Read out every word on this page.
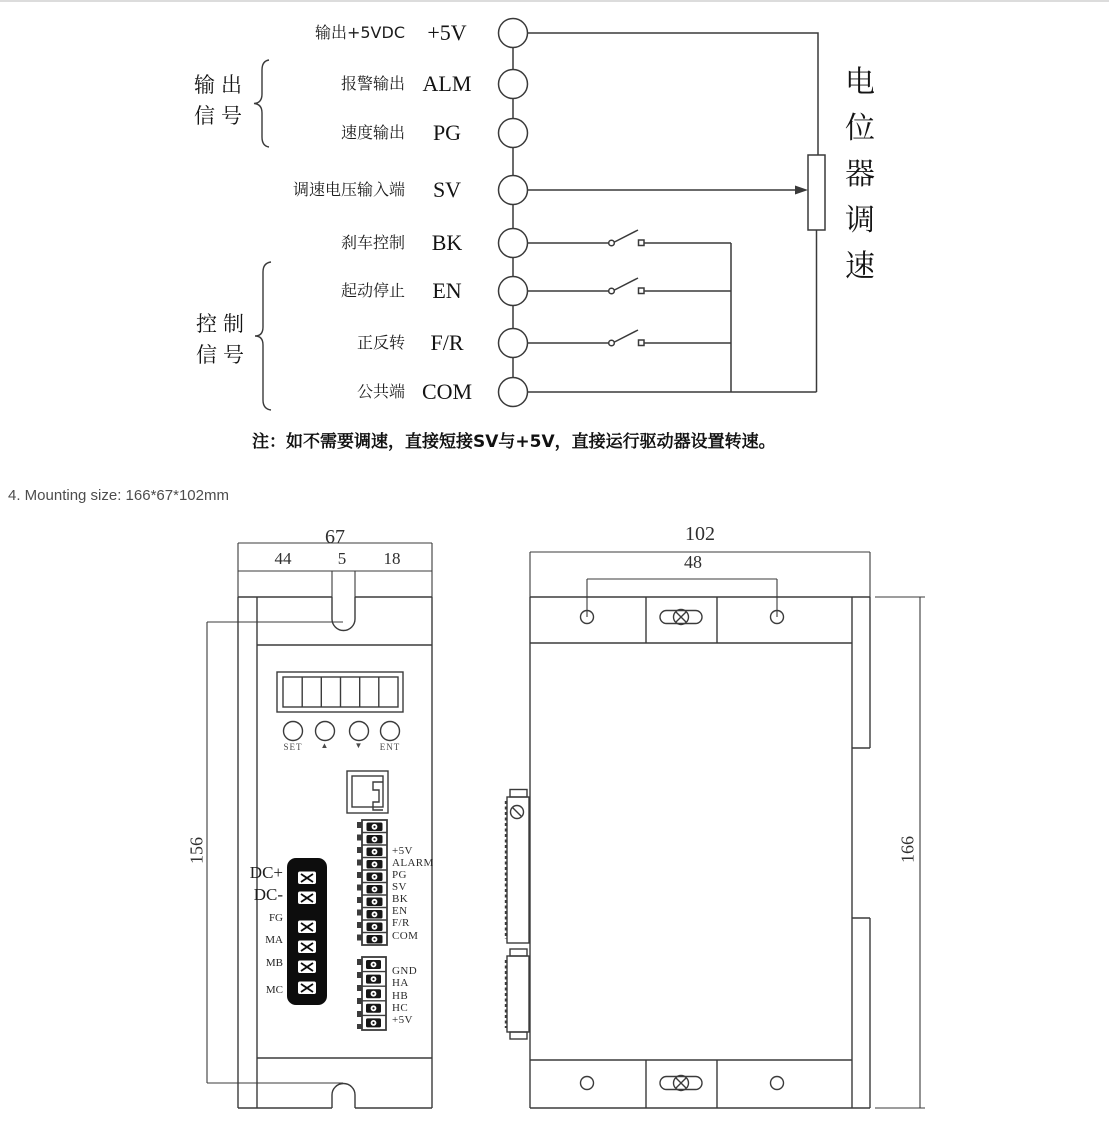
输出+5VDC
报警输出
速度输出
调速电压输入端
刹车控制
起动停止
正反转
公共端
+5V
ALM
PG
SV
BK
EN
F/R
COM
输出信号
控制信号
电位器调速
注：如不需要调速，直接短接SV与+5V，直接运行驱动器设置转速。
4. Mounting size: 166*67*102mm
67
44	5	18
156
102
48
166
SET	▲	▼	ENT
+5V
ALARM
PG
SV
BK
EN
F/R
COM
DC+
DC-
FG
MA
MB
MC
GND
HA
HB
HC
+5V
